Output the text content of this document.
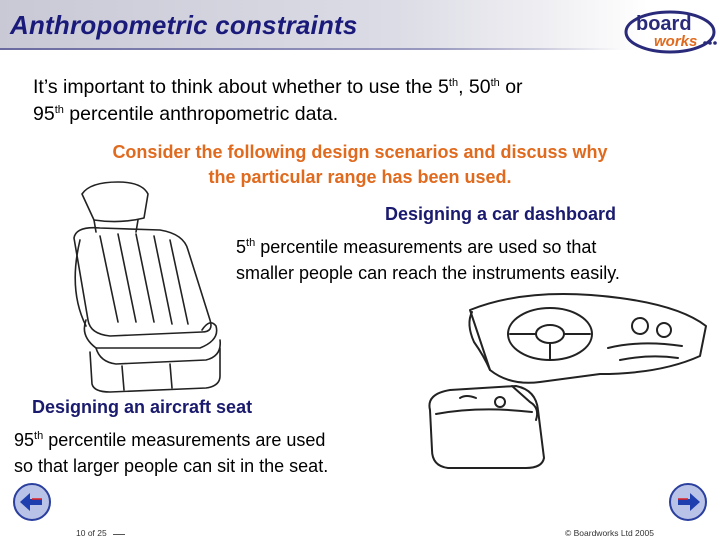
Anthropometric constraints	board
works
It’s important to think about whether to use the 5th, 50th or
95th percentile anthropometric data.
Consider the following design scenarios and discuss why
the particular range has been used.
Designing a car dashboard
5th percentile measurements are used so that
smaller people can reach the instruments easily.
Designing an aircraft seat
95th percentile measurements are used
so that larger people can sit in the seat.
10 of 25	© Boardworks Ltd 2005
